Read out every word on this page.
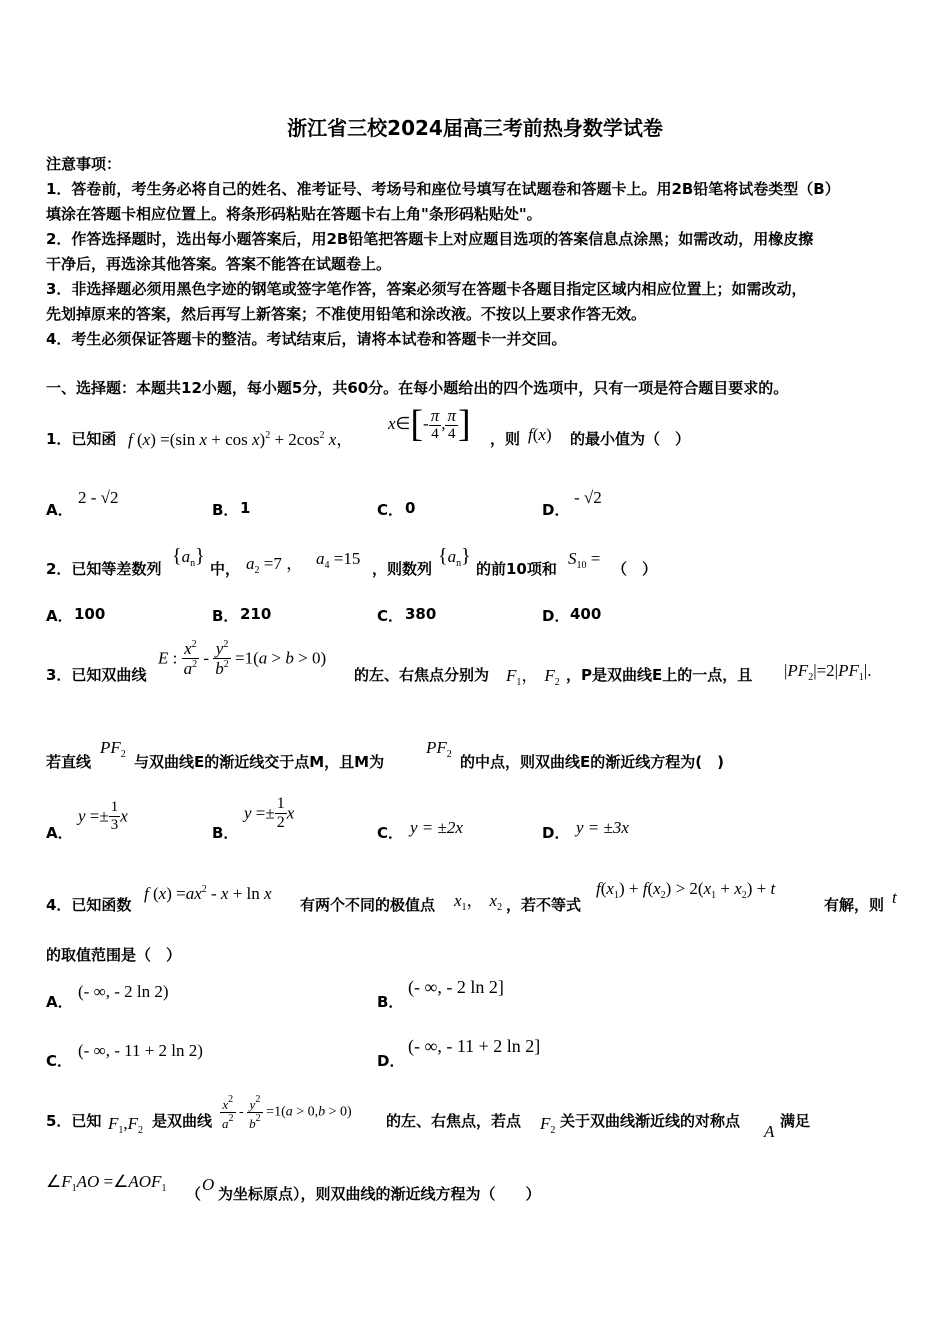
浙江省三校2024届高三考前热身数学试卷
注意事项：
1．答卷前，考生务必将自己的姓名、准考证号、考场号和座位号填写在试题卷和答题卡上。用2B铅笔将试卷类型（B）
填涂在答题卡相应位置上。将条形码粘贴在答题卡右上角"条形码粘贴处"。
2．作答选择题时，选出每小题答案后，用2B铅笔把答题卡上对应题目选项的答案信息点涂黑；如需改动，用橡皮擦
干净后，再选涂其他答案。答案不能答在试题卷上。
3．非选择题必须用黑色字迹的钢笔或签字笔作答，答案必须写在答题卡各题目指定区域内相应位置上；如需改动，
先划掉原来的答案，然后再写上新答案；不准使用铅笔和涂改液。不按以上要求作答无效。
4．考生必须保证答题卡的整洁。考试结束后，请将本试卷和答题卡一并交回。
一、选择题：本题共12小题，每小题5分，共60分。在每小题给出的四个选项中，只有一项是符合题目要求的。
1．已知函 f (x) =(sin $x + \cos x)^2 + 2\cos^2$ x，
x∈[- $\frac{\pi}{4}$ , $\frac{\pi}{4}$ ] ，则 f(x) 的最小值为（　）
A．
2 - √2
B． 1	C． 0	D．
- √2
2．已知等差数列
$\{a_n\}$
中， $a_2 =7$ ， $a_4 =15$
，则数列
$\{a_n\}$
的前10项和
$S_{10}$ =
（　）
A． 100	B． 210	C． 380	D． 400
3．已知双曲线
E : $\frac{x^2}{a^2} - \frac{y^2}{b^2} =1(a > b > 0)$
的左、右焦点分别为 $F_1$， $F_2$ ，P是双曲线E上的一点，且 $|PF_2|=2|PF_1|$.
若直线
$PF_2$ 与双曲线E的渐近线交于点M，且M为
$PF_2$ 的中点，则双曲线E的渐近线方程为(　)
A．
$y =\pm \frac{1}{3}$ x
B．
$y =\pm \frac{1}{2}$ x
C． y = ±2x	D． y = ±3x
4．已知函数
f $(x) =ax^2 - x + \ln x$
有两个不同的极值点 $x_1$， $x_2$ ，若不等式
$f(x_1) + f(x_2) > 2(x_1 + x_2) + t$
有解，则 t
的取值范围是（　）
A．
(- ∞, - 2 ln 2)
B．
(- ∞, - 2 ln 2]
C．
(- ∞, - 11 + 2 ln 2)
D．
(- ∞, - 11 + 2 ln 2]
5．已知 $F_1,F_2$
是双曲线 $\frac{x^2}{a^2} - \frac{y^2}{b^2} =1(a > 0,b > 0)$ 的左、右焦点，若点 $F_2$
关于双曲线渐近线的对称点
A
满足
$\angle F_1AO$ $=\angle AOF_1$ （ O 为坐标原点），则双曲线的渐近线方程为（　　）
